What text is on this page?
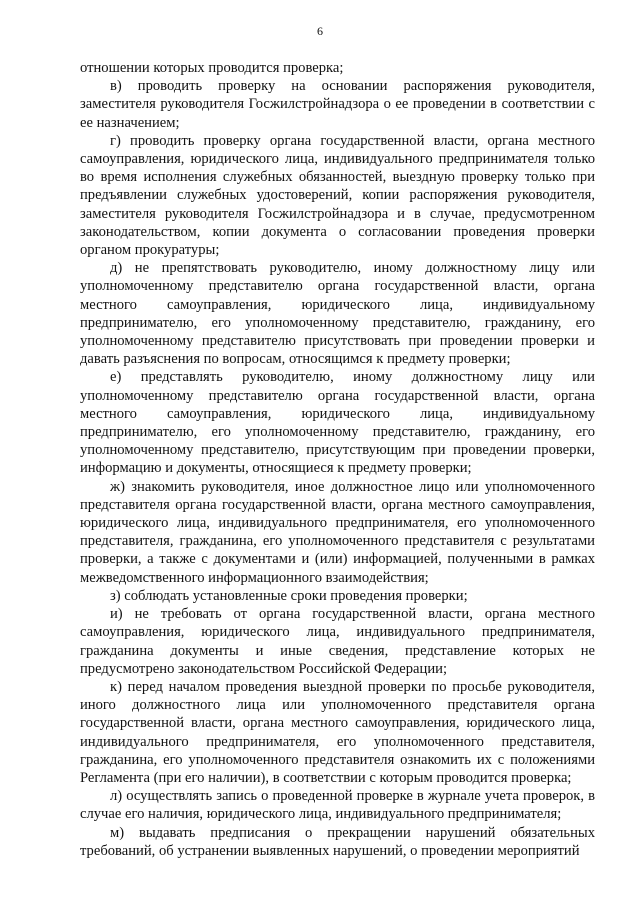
6

отношении которых проводится проверка;

в) проводить проверку на основании распоряжения руководителя, заместителя руководителя Госжилстройнадзора о ее проведении в соответствии с ее назначением;

г) проводить проверку органа государственной власти, органа местного самоуправления, юридического лица, индивидуального предпринимателя только во время исполнения служебных обязанностей, выездную проверку только при предъявлении служебных удостоверений, копии распоряжения руководителя, заместителя руководителя Госжилстройнадзора и в случае, предусмотренном законодательством, копии документа о согласовании проведения проверки органом прокуратуры;

д) не препятствовать руководителю, иному должностному лицу или уполномоченному представителю органа государственной власти, органа местного самоуправления, юридического лица, индивидуальному предпринимателю, его уполномоченному представителю, гражданину, его уполномоченному представителю присутствовать при проведении проверки и давать разъяснения по вопросам, относящимся к предмету проверки;

е) представлять руководителю, иному должностному лицу или уполномоченному представителю органа государственной власти, органа местного самоуправления, юридического лица, индивидуальному предпринимателю, его уполномоченному представителю, гражданину, его уполномоченному представителю, присутствующим при проведении проверки, информацию и документы, относящиеся к предмету проверки;

ж) знакомить руководителя, иное должностное лицо или уполномоченного представителя органа государственной власти, органа местного самоуправления, юридического лица, индивидуального предпринимателя, его уполномоченного представителя, гражданина, его уполномоченного представителя с результатами проверки, а также с документами и (или) информацией, полученными в рамках межведомственного информационного взаимодействия;

з) соблюдать установленные сроки проведения проверки;

и) не требовать от органа государственной власти, органа местного самоуправления, юридического лица, индивидуального предпринимателя, гражданина документы и иные сведения, представление которых не предусмотрено законодательством Российской Федерации;

к) перед началом проведения выездной проверки по просьбе руководителя, иного должностного лица или уполномоченного представителя органа государственной власти, органа местного самоуправления, юридического лица, индивидуального предпринимателя, его уполномоченного представителя, гражданина, его уполномоченного представителя ознакомить их с положениями Регламента (при его наличии), в соответствии с которым проводится проверка;

л) осуществлять запись о проведенной проверке в журнале учета проверок, в случае его наличия, юридического лица, индивидуального предпринимателя;

м) выдавать предписания о прекращении нарушений обязательных требований, об устранении выявленных нарушений, о проведении мероприятий
